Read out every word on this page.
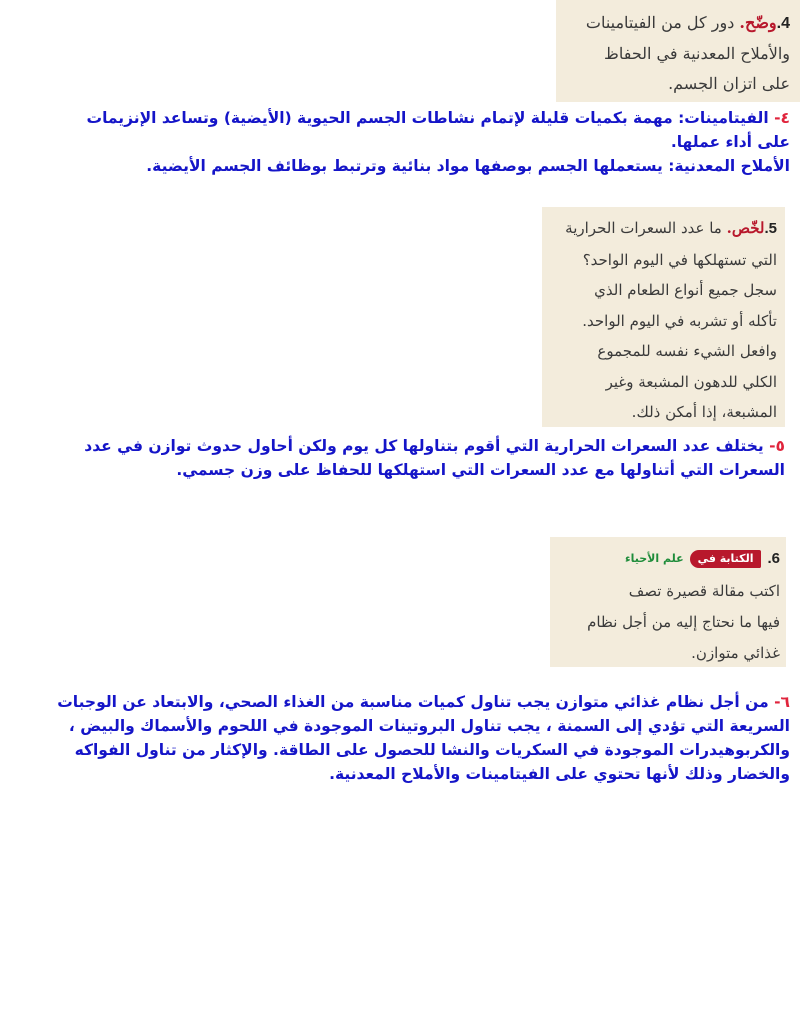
4.وضّح. دور كل من الفيتامينات
والأملاح المعدنية في الحفاظ
على اتزان الجسم.
٤- الفيتامينات: مهمة بكميات قليلة لإتمام نشاطات الجسم الحيوية (الأيضية) وتساعد الإنزيمات على أداء عملها.
الأملاح المعدنية: يستعملها الجسم بوصفها مواد بنائية وترتبط بوظائف الجسم الأيضية.
5.لخّص. ما عدد السعرات الحرارية
التي تستهلكها في اليوم الواحد؟
سجل جميع أنواع الطعام الذي
تأكله أو تشربه في اليوم الواحد.
وافعل الشيء نفسه للمجموع
الكلي للدهون المشبعة وغير
المشبعة، إذا أمكن ذلك.
٥- يختلف عدد السعرات الحرارية التي أقوم بتناولها كل يوم ولكن أحاول حدوث توازن في عدد السعرات التي أتناولها مع عدد السعرات التي استهلكها للحفاظ على وزن جسمي.
6.
الكتابة في
علم الأحياء
اكتب مقالة قصيرة تصف
فيها ما نحتاج إليه من أجل نظام
غذائي متوازن.
٦- من أجل نظام غذائي متوازن يجب تناول كميات مناسبة من الغذاء الصحي، والابتعاد عن الوجبات السريعة التي تؤدي إلى السمنة ، يجب تناول البروتينات الموجودة في اللحوم والأسماك والبيض ، والكربوهيدرات الموجودة في السكريات والنشا للحصول على الطاقة. والإكثار من تناول الفواكه والخضار وذلك لأنها تحتوي على الفيتامينات والأملاح المعدنية.
